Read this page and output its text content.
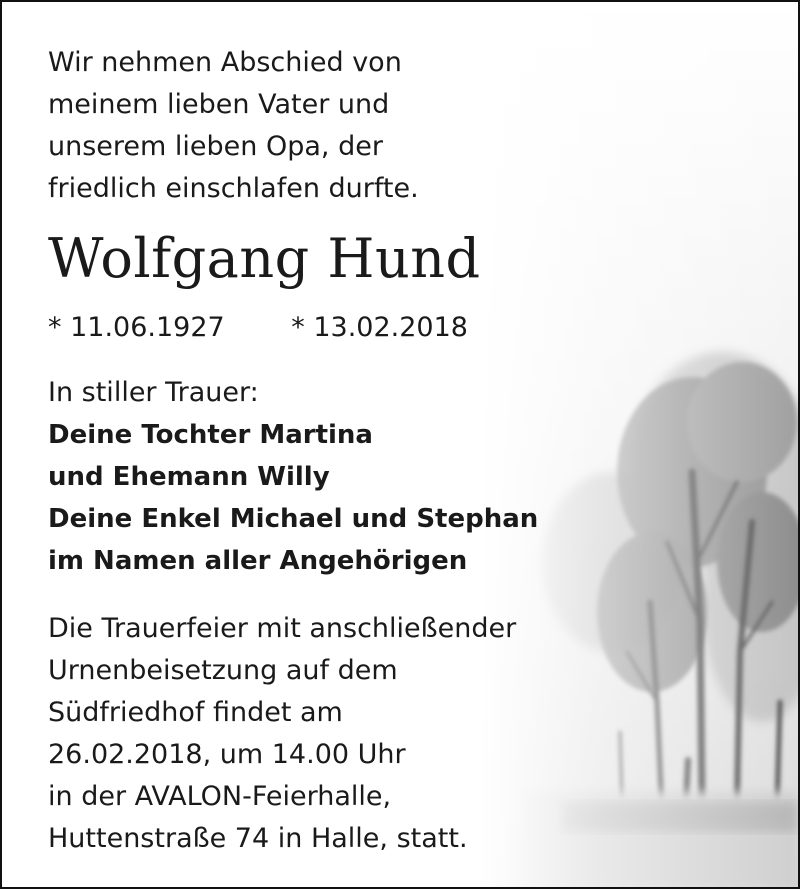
Wir nehmen Abschied von
meinem lieben Vater und
unserem lieben Opa, der
friedlich einschlafen durfte.
Wolfgang Hund
* 11.06.1927 * 13.02.2018
In stiller Trauer:
Deine Tochter Martina
und Ehemann Willy
Deine Enkel Michael und Stephan
im Namen aller Angehörigen
Die Trauerfeier mit anschließender
Urnenbeisetzung auf dem
Südfriedhof findet am
26.02.2018, um 14.00 Uhr
in der AVALON-Feierhalle,
Huttenstraße 74 in Halle, statt.
